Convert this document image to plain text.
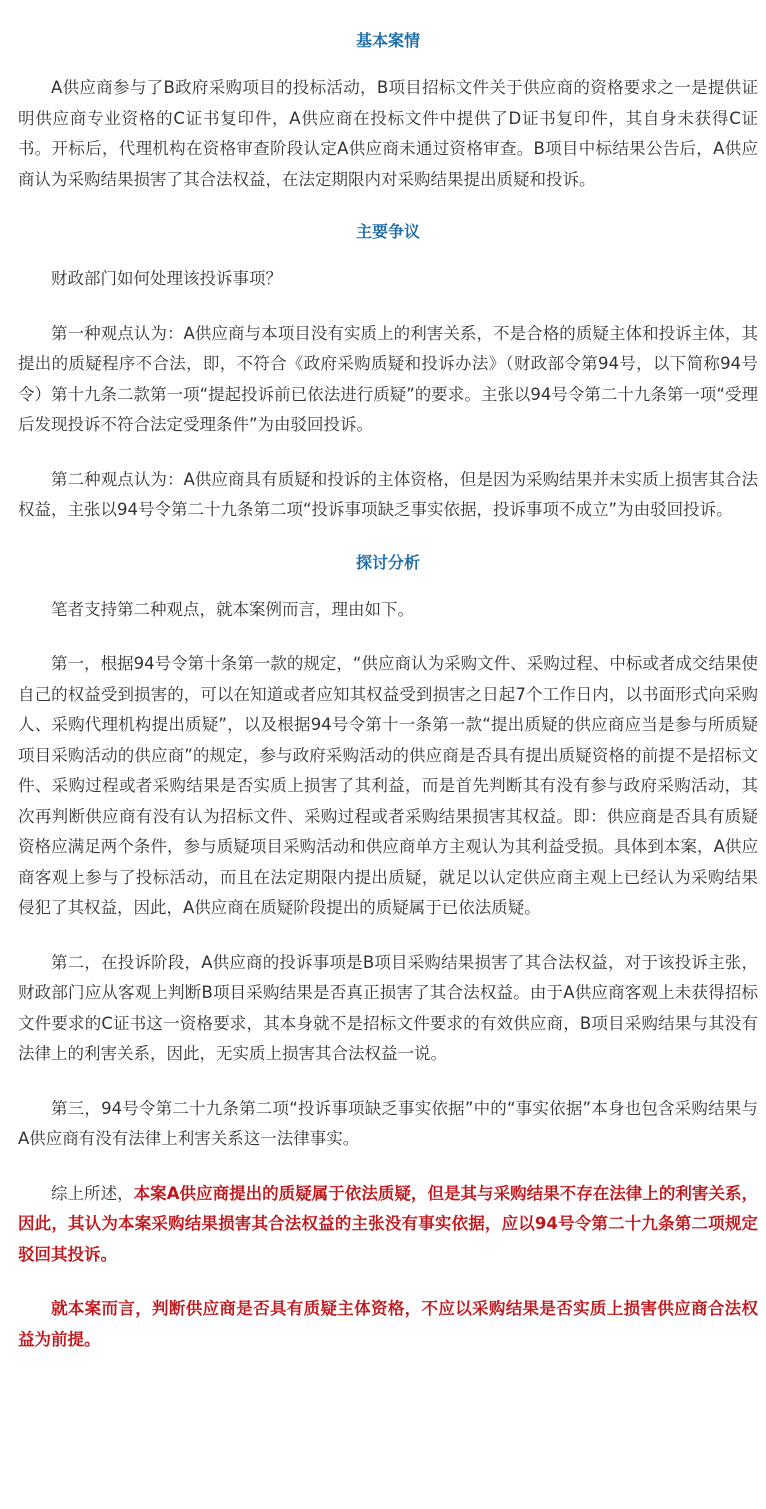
基本案情

A供应商参与了B政府采购项目的投标活动，B项目招标文件关于供应商的资格要求之一是提供证明供应商专业资格的C证书复印件，A供应商在投标文件中提供了D证书复印件，其自身未获得C证书。开标后，代理机构在资格审查阶段认定A供应商未通过资格审查。B项目中标结果公告后，A供应商认为采购结果损害了其合法权益，在法定期限内对采购结果提出质疑和投诉。

主要争议

财政部门如何处理该投诉事项？

第一种观点认为：A供应商与本项目没有实质上的利害关系，不是合格的质疑主体和投诉主体，其提出的质疑程序不合法，即，不符合《政府采购质疑和投诉办法》（财政部令第94号，以下简称94号令）第十九条二款第一项“提起投诉前已依法进行质疑”的要求。主张以94号令第二十九条第一项“受理后发现投诉不符合法定受理条件”为由驳回投诉。

第二种观点认为：A供应商具有质疑和投诉的主体资格，但是因为采购结果并未实质上损害其合法权益，主张以94号令第二十九条第二项“投诉事项缺乏事实依据，投诉事项不成立”为由驳回投诉。

探讨分析

笔者支持第二种观点，就本案例而言，理由如下。

第一，根据94号令第十条第一款的规定，“供应商认为采购文件、采购过程、中标或者成交结果使自己的权益受到损害的，可以在知道或者应知其权益受到损害之日起7个工作日内，以书面形式向采购人、采购代理机构提出质疑”，以及根据94号令第十一条第一款“提出质疑的供应商应当是参与所质疑项目采购活动的供应商”的规定，参与政府采购活动的供应商是否具有提出质疑资格的前提不是招标文件、采购过程或者采购结果是否实质上损害了其利益，而是首先判断其有没有参与政府采购活动，其次再判断供应商有没有认为招标文件、采购过程或者采购结果损害其权益。即：供应商是否具有质疑资格应满足两个条件，参与质疑项目采购活动和供应商单方主观认为其利益受损。具体到本案，A供应商客观上参与了投标活动，而且在法定期限内提出质疑，就足以认定供应商主观上已经认为采购结果侵犯了其权益，因此，A供应商在质疑阶段提出的质疑属于已依法质疑。

第二，在投诉阶段，A供应商的投诉事项是B项目采购结果损害了其合法权益，对于该投诉主张，财政部门应从客观上判断B项目采购结果是否真正损害了其合法权益。由于A供应商客观上未获得招标文件要求的C证书这一资格要求，其本身就不是招标文件要求的有效供应商，B项目采购结果与其没有法律上的利害关系，因此，无实质上损害其合法权益一说。

第三，94号令第二十九条第二项“投诉事项缺乏事实依据”中的“事实依据”本身也包含采购结果与A供应商有没有法律上利害关系这一法律事实。

综上所述，本案A供应商提出的质疑属于依法质疑，但是其与采购结果不存在法律上的利害关系，因此，其认为本案采购结果损害其合法权益的主张没有事实依据，应以94号令第二十九条第二项规定驳回其投诉。

就本案而言，判断供应商是否具有质疑主体资格，不应以采购结果是否实质上损害供应商合法权益为前提。
